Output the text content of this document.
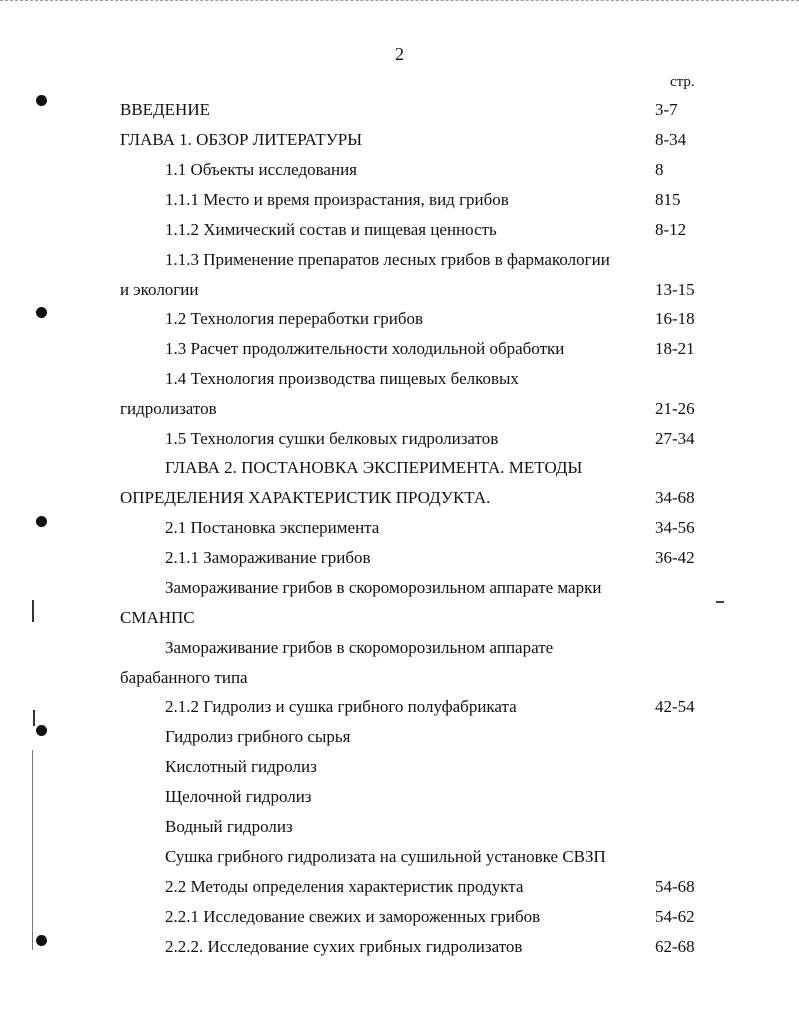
2
стр.
ВВЕДЕНИЕ	3-7
ГЛАВА 1. ОБЗОР ЛИТЕРАТУРЫ	8-34
1.1 Объекты исследования	8
1.1.1 Место и время произрастания, вид грибов	815
1.1.2 Химический состав и пищевая ценность	8-12
1.1.3 Применение препаратов лесных грибов в фармакологии
и экологии	13-15
1.2 Технология переработки грибов	16-18
1.3 Расчет продолжительности холодильной обработки	18-21
1.4 Технология производства пищевых белковых
гидролизатов	21-26
1.5 Технология сушки белковых гидролизатов	27-34
ГЛАВА 2. ПОСТАНОВКА ЭКСПЕРИМЕНТА. МЕТОДЫ
ОПРЕДЕЛЕНИЯ ХАРАКТЕРИСТИК ПРОДУКТА.	34-68
2.1 Постановка эксперимента	34-56
2.1.1 Замораживание грибов	36-42
Замораживание грибов в скороморозильном аппарате марки
СМАНПС
Замораживание грибов в скороморозильном аппарате
барабанного типа
2.1.2 Гидролиз и сушка грибного полуфабриката	42-54
Гидролиз грибного сырья
Кислотный гидролиз
Щелочной гидролиз
Водный гидролиз
Сушка грибного гидролизата на сушильной установке СВЗП
2.2 Методы определения характеристик продукта	54-68
2.2.1 Исследование свежих и замороженных грибов	54-62
2.2.2. Исследование сухих грибных гидролизатов	62-68
